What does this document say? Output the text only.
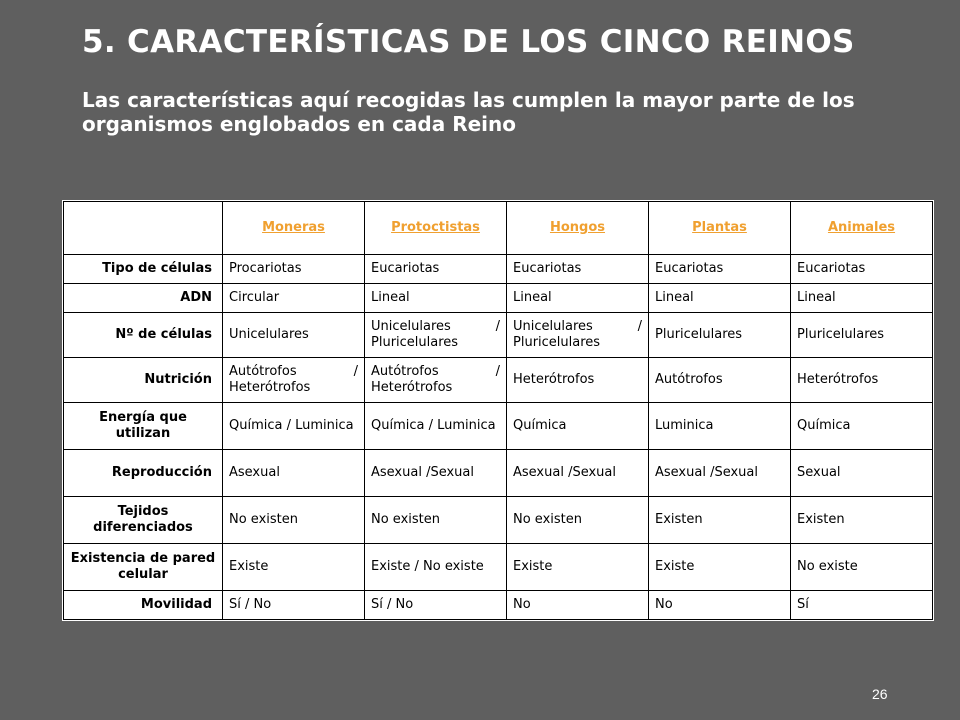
5. CARACTERÍSTICAS DE LOS CINCO REINOS
Las características aquí recogidas las cumplen la mayor parte de los organismos englobados en cada Reino
	Moneras	Protoctistas	Hongos	Plantas	Animales
Tipo de células	Procariotas	Eucariotas	Eucariotas	Eucariotas	Eucariotas
ADN	Circular	Lineal	Lineal	Lineal	Lineal
Nº de células	Unicelulares	Unicelulares / Pluricelulares	Unicelulares / Pluricelulares	Pluricelulares	Pluricelulares
Nutrición	Autótrofos / Heterótrofos	Autótrofos / Heterótrofos	Heterótrofos	Autótrofos	Heterótrofos
Energía que utilizan	Química / Luminica	Química / Luminica	Química	Luminica	Química
Reproducción	Asexual	Asexual /Sexual	Asexual /Sexual	Asexual /Sexual	Sexual
Tejidos diferenciados	No existen	No existen	No existen	Existen	Existen
Existencia de pared celular	Existe	Existe / No existe	Existe	Existe	No existe
Movilidad	Sí / No	Sí / No	No	No	Sí
26
